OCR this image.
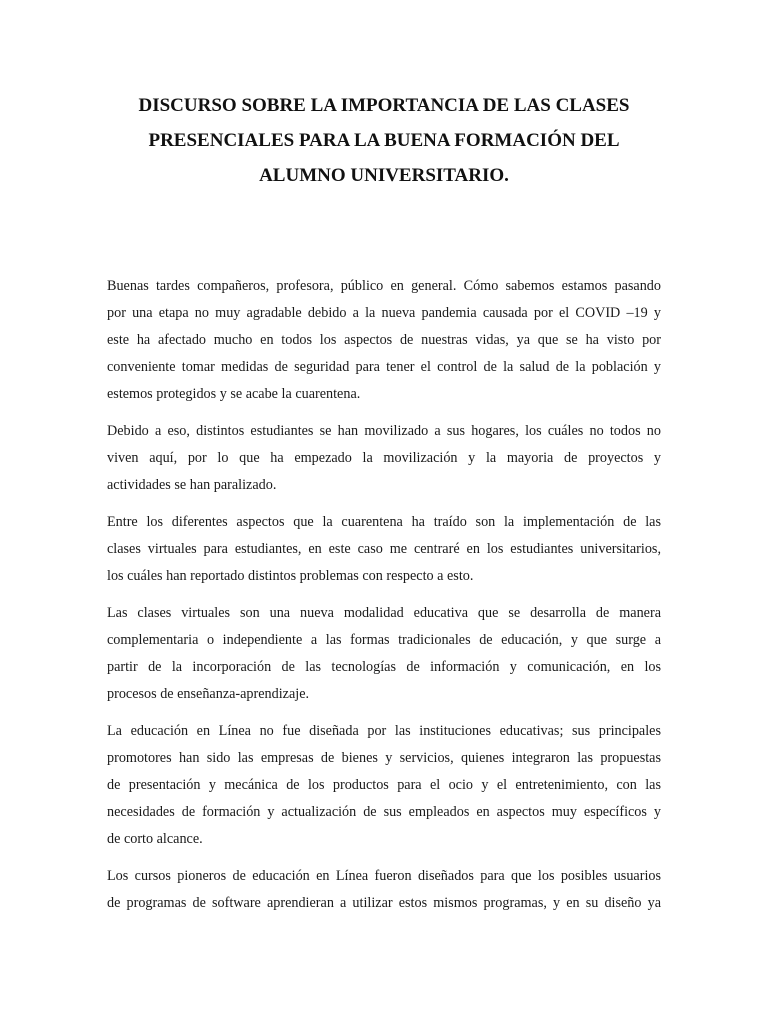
DISCURSO SOBRE LA IMPORTANCIA DE LAS CLASES
PRESENCIALES PARA LA BUENA FORMACIÓN DEL
ALUMNO UNIVERSITARIO.

Buenas tardes compañeros, profesora, público en general. Cómo sabemos estamos pasando
por una etapa no muy agradable debido a la nueva pandemia causada por el COVID –19 y
este ha afectado mucho en todos los aspectos de nuestras vidas, ya que se ha visto por
conveniente tomar medidas de seguridad para tener el control de la salud de la población y
estemos protegidos y se acabe la cuarentena.

Debido a eso, distintos estudiantes se han movilizado a sus hogares, los cuáles no todos no
viven aquí, por lo que ha empezado la movilización y la mayoria de proyectos y
actividades se han paralizado.

Entre los diferentes aspectos que la cuarentena ha traído son la implementación de las
clases virtuales para estudiantes, en este caso me centraré en los estudiantes universitarios,
los cuáles han reportado distintos problemas con respecto a esto.

Las clases virtuales son una nueva modalidad educativa que se desarrolla de manera
complementaria o independiente a las formas tradicionales de educación, y que surge a
partir de la incorporación de las tecnologías de información y comunicación, en los
procesos de enseñanza-aprendizaje.

La educación en Línea no fue diseñada por las instituciones educativas; sus principales
promotores han sido las empresas de bienes y servicios, quienes integraron las propuestas
de presentación y mecánica de los productos para el ocio y el entretenimiento, con las
necesidades de formación y actualización de sus empleados en aspectos muy específicos y
de corto alcance.

Los cursos pioneros de educación en Línea fueron diseñados para que los posibles usuarios
de programas de software aprendieran a utilizar estos mismos programas, y en su diseño ya
